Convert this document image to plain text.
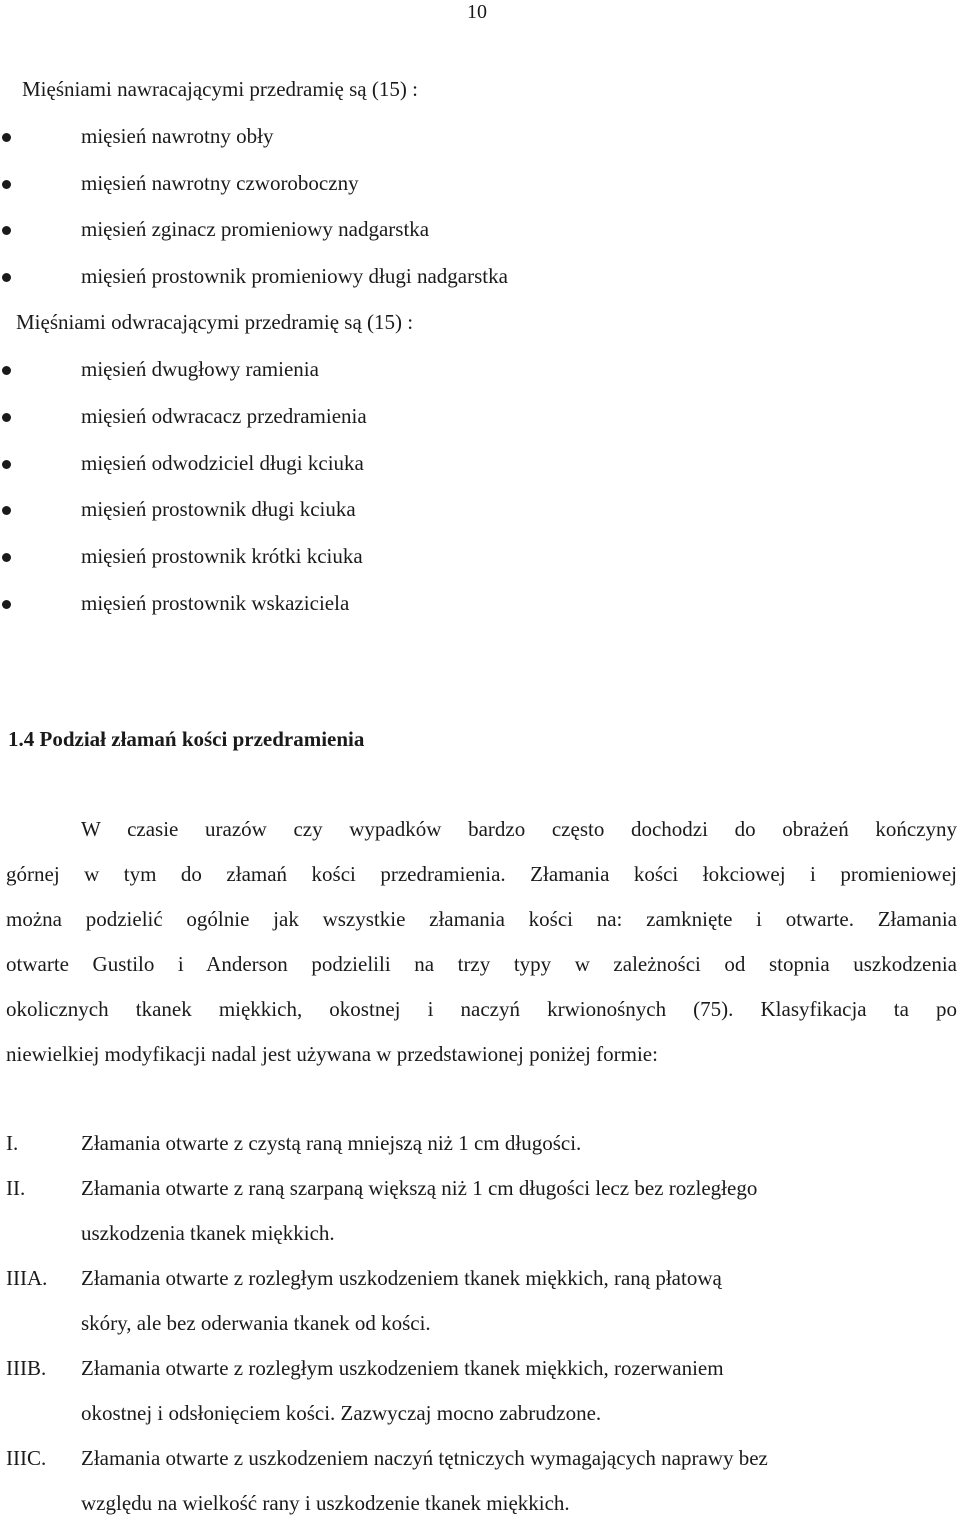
10
Mięśniami nawracającymi przedramię są (15) :
mięsień nawrotny obły
mięsień nawrotny czworoboczny
mięsień zginacz promieniowy nadgarstka
mięsień prostownik promieniowy długi nadgarstka
Mięśniami odwracającymi przedramię są (15) :
mięsień dwugłowy ramienia
mięsień odwracacz przedramienia
mięsień odwodziciel długi kciuka
mięsień prostownik długi kciuka
mięsień prostownik krótki kciuka
mięsień prostownik wskaziciela
1.4 Podział złamań kości przedramienia
W czasie urazów czy wypadków bardzo często dochodzi do obrażeń kończyny
górnej w tym do złamań kości przedramienia. Złamania kości łokciowej i promieniowej
można podzielić ogólnie jak wszystkie złamania kości na: zamknięte i otwarte. Złamania
otwarte Gustilo i Anderson podzielili na trzy typy w zależności od stopnia uszkodzenia
okolicznych tkanek miękkich, okostnej i naczyń krwionośnych (75). Klasyfikacja ta po
niewielkiej modyfikacji nadal jest używana w przedstawionej poniżej formie:
I.	Złamania otwarte z czystą raną mniejszą niż 1 cm długości.
II.	Złamania otwarte z raną szarpaną większą niż 1 cm długości lecz bez rozległego
uszkodzenia tkanek miękkich.
IIIA. Złamania otwarte z rozległym uszkodzeniem tkanek miękkich, raną płatową
skóry, ale bez oderwania tkanek od kości.
IIIB. Złamania otwarte z rozległym uszkodzeniem tkanek miękkich, rozerwaniem
okostnej i odsłonięciem kości. Zazwyczaj mocno zabrudzone.
IIIC. Złamania otwarte z uszkodzeniem naczyń tętniczych wymagających naprawy bez
względu na wielkość rany i uszkodzenie tkanek miękkich.
